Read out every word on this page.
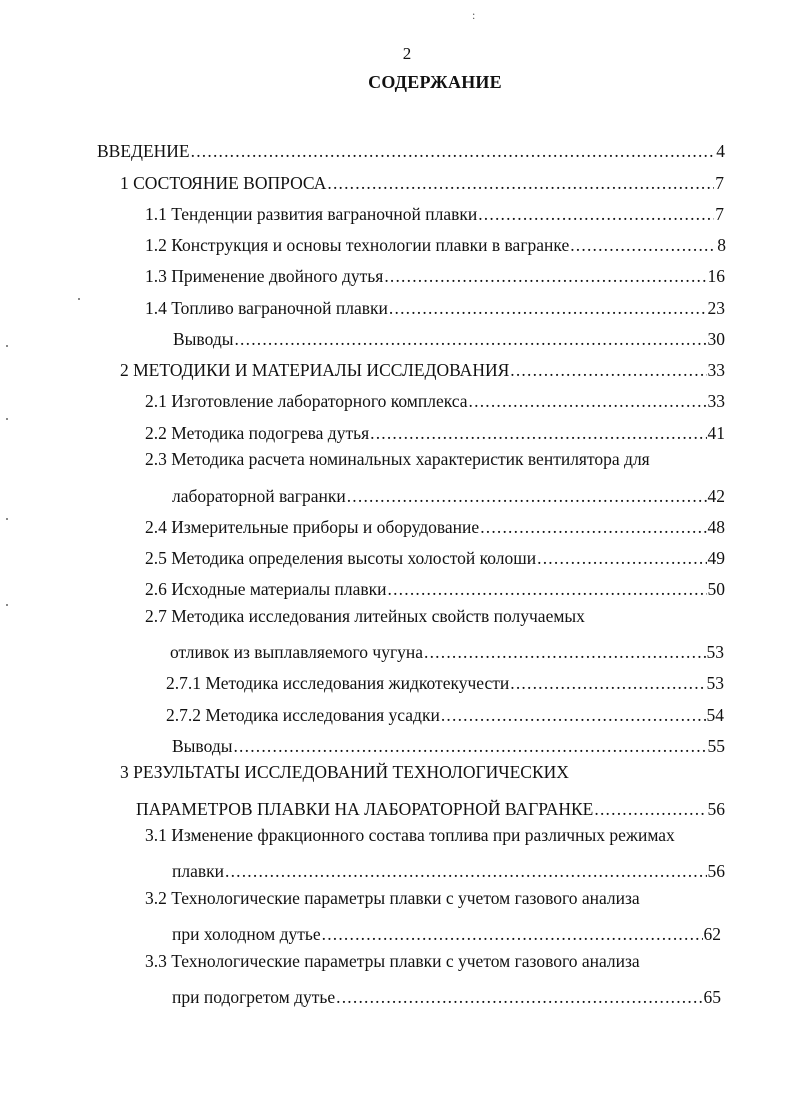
:
2
СОДЕРЖАНИЕ
ВВЕДЕНИЕ .....	4
1 СОСТОЯНИЕ ВОПРОСА .....	7
1.1 Тенденции развития ваграночной плавки .....	7
1.2 Конструкция и основы технологии плавки в вагранке .....	8
1.3 Применение двойного дутья .....	16
1.4 Топливо ваграночной плавки .....	23
Выводы .....	30
2 МЕТОДИКИ И МАТЕРИАЛЫ ИССЛЕДОВАНИЯ .....	33
2.1 Изготовление лабораторного комплекса .....	33
2.2 Методика подогрева дутья .....	41
2.3 Методика расчета номинальных характеристик вентилятора для
лабораторной вагранки .....	42
2.4 Измерительные приборы и оборудование .....	48
2.5 Методика определения высоты холостой колоши .....	49
2.6 Исходные материалы плавки .....	50
2.7 Методика исследования литейных свойств получаемых
отливок из выплавляемого чугуна .....	53
2.7.1 Методика исследования жидкотекучести .....	53
2.7.2 Методика исследования усадки .....	54
Выводы .....	55
3 РЕЗУЛЬТАТЫ ИССЛЕДОВАНИЙ ТЕХНОЛОГИЧЕСКИХ
ПАРАМЕТРОВ ПЛАВКИ НА ЛАБОРАТОРНОЙ ВАГРАНКЕ .....	56
3.1 Изменение фракционного состава топлива при различных режимах
плавки .....	56
3.2 Технологические параметры плавки с учетом газового анализа
при холодном дутье .....	62
3.3 Технологические параметры плавки с учетом газового анализа
при подогретом дутье .....	65
